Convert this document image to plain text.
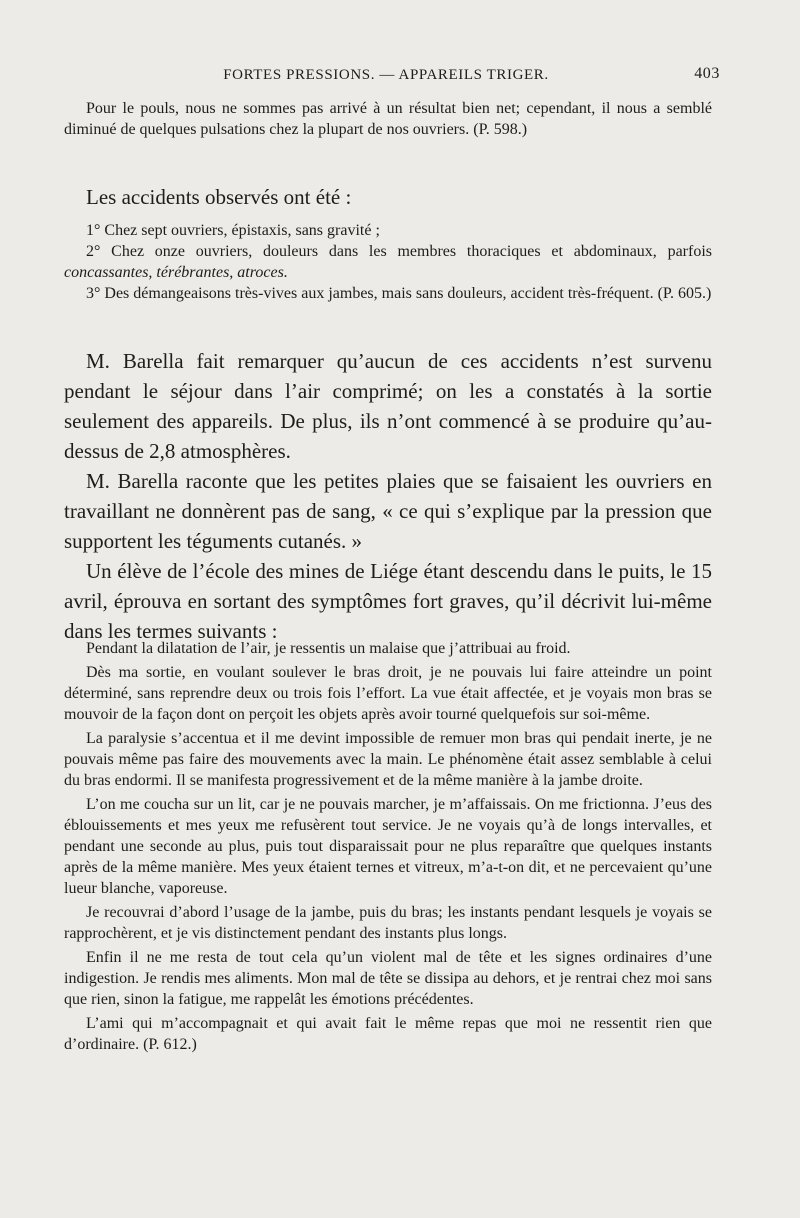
FORTES PRESSIONS. — APPAREILS TRIGER.	403

Pour le pouls, nous ne sommes pas arrivé à un résultat bien net; cependant, il nous a semblé diminué de quelques pulsations chez la plupart de nos ouvriers. (P. 598.)

Les accidents observés ont été :

1° Chez sept ouvriers, épistaxis, sans gravité ;

2° Chez onze ouvriers, douleurs dans les membres thoraciques et abdominaux, parfois concassantes, térébrantes, atroces.

3° Des démangeaisons très-vives aux jambes, mais sans douleurs, accident très-fréquent. (P. 605.)

M. Barella fait remarquer qu’aucun de ces accidents n’est survenu pendant le séjour dans l’air comprimé; on les a constatés à la sortie seulement des appareils. De plus, ils n’ont commencé à se produire qu’au-dessus de 2,8 atmosphères.

M. Barella raconte que les petites plaies que se faisaient les ouvriers en travaillant ne donnèrent pas de sang, « ce qui s’explique par la pression que supportent les téguments cutanés. »

Un élève de l’école des mines de Liége étant descendu dans le puits, le 15 avril, éprouva en sortant des symptômes fort graves, qu’il décrivit lui-même dans les termes suivants :

Pendant la dilatation de l’air, je ressentis un malaise que j’attribuai au froid.

Dès ma sortie, en voulant soulever le bras droit, je ne pouvais lui faire atteindre un point déterminé, sans reprendre deux ou trois fois l’effort. La vue était affectée, et je voyais mon bras se mouvoir de la façon dont on perçoit les objets après avoir tourné quelquefois sur soi-même.

La paralysie s’accentua et il me devint impossible de remuer mon bras qui pendait inerte, je ne pouvais même pas faire des mouvements avec la main. Le phénomène était assez semblable à celui du bras endormi. Il se manifesta progressivement et de la même manière à la jambe droite.

L’on me coucha sur un lit, car je ne pouvais marcher, je m’affaissais. On me frictionna. J’eus des éblouissements et mes yeux me refusèrent tout service. Je ne voyais qu’à de longs intervalles, et pendant une seconde au plus, puis tout disparaissait pour ne plus reparaître que quelques instants après de la même manière. Mes yeux étaient ternes et vitreux, m’a-t-on dit, et ne percevaient qu’une lueur blanche, vaporeuse.

Je recouvrai d’abord l’usage de la jambe, puis du bras; les instants pendant lesquels je voyais se rapprochèrent, et je vis distinctement pendant des instants plus longs.

Enfin il ne me resta de tout cela qu’un violent mal de tête et les signes ordinaires d’une indigestion. Je rendis mes aliments. Mon mal de tête se dissipa au dehors, et je rentrai chez moi sans que rien, sinon la fatigue, me rappelât les émotions précédentes.

L’ami qui m’accompagnait et qui avait fait le même repas que moi ne ressentit rien que d’ordinaire. (P. 612.)
